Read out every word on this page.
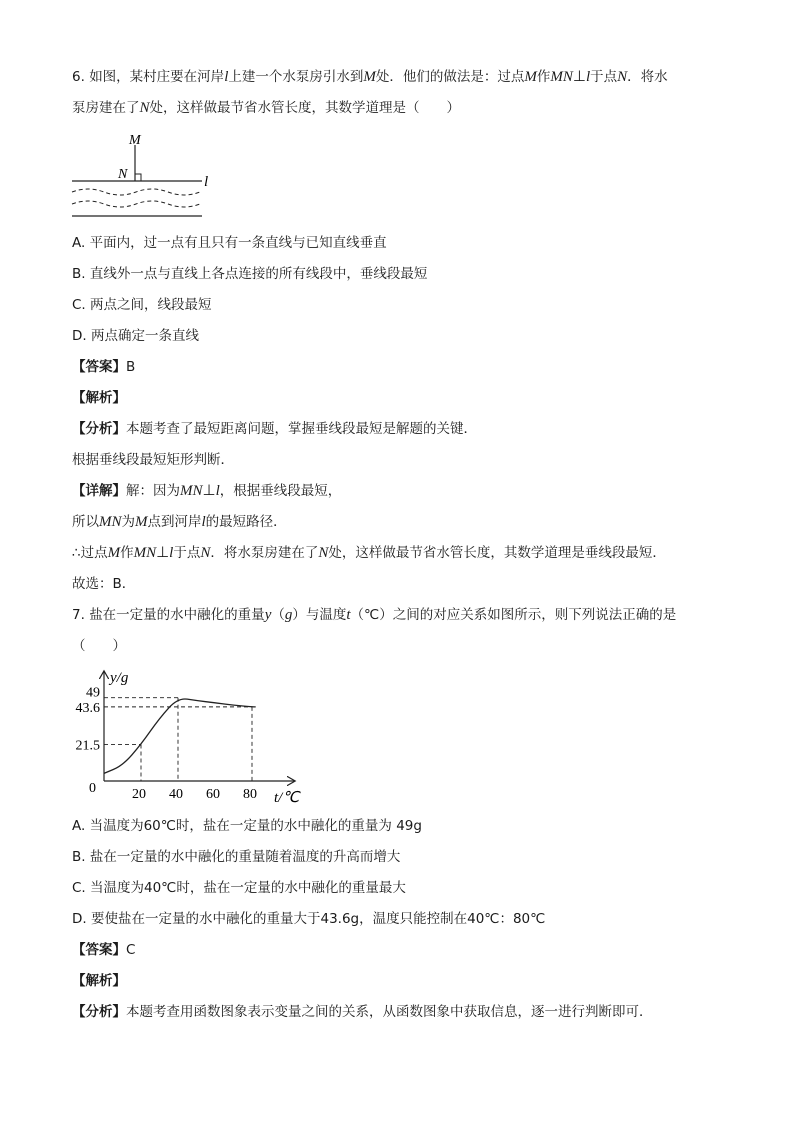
6. 如图，某村庄要在河岸l上建一个水泵房引水到M处．他们的做法是：过点M作MN⊥l于点N．将水
泵房建在了N处，这样做最节省水管长度，其数学道理是（　　）
M
N	l
A. 平面内，过一点有且只有一条直线与已知直线垂直
B. 直线外一点与直线上各点连接的所有线段中，垂线段最短
C. 两点之间，线段最短
D. 两点确定一条直线
【答案】B
【解析】
【分析】本题考查了最短距离问题，掌握垂线段最短是解题的关键．
根据垂线段最短矩形判断．
【详解】解：因为MN⊥l，根据垂线段最短，
所以MN为M点到河岸l的最短路径．
∴过点M作MN⊥l于点N．将水泵房建在了N处，这样做最节省水管长度，其数学道理是垂线段最短．
故选：B．
7. 盐在一定量的水中融化的重量y（g）与温度t（℃）之间的对应关系如图所示，则下列说法正确的是
（　　）
y/g
t/℃
0	20 40 60 80
49
43.6
21.5
A. 当温度为60℃时，盐在一定量的水中融化的重量为 49g
B. 盐在一定量的水中融化的重量随着温度的升高而增大
C. 当温度为40℃时，盐在一定量的水中融化的重量最大
D. 要使盐在一定量的水中融化的重量大于43.6g，温度只能控制在40℃：80℃
【答案】C
【解析】
【分析】本题考查用函数图象表示变量之间的关系，从函数图象中获取信息，逐一进行判断即可．
